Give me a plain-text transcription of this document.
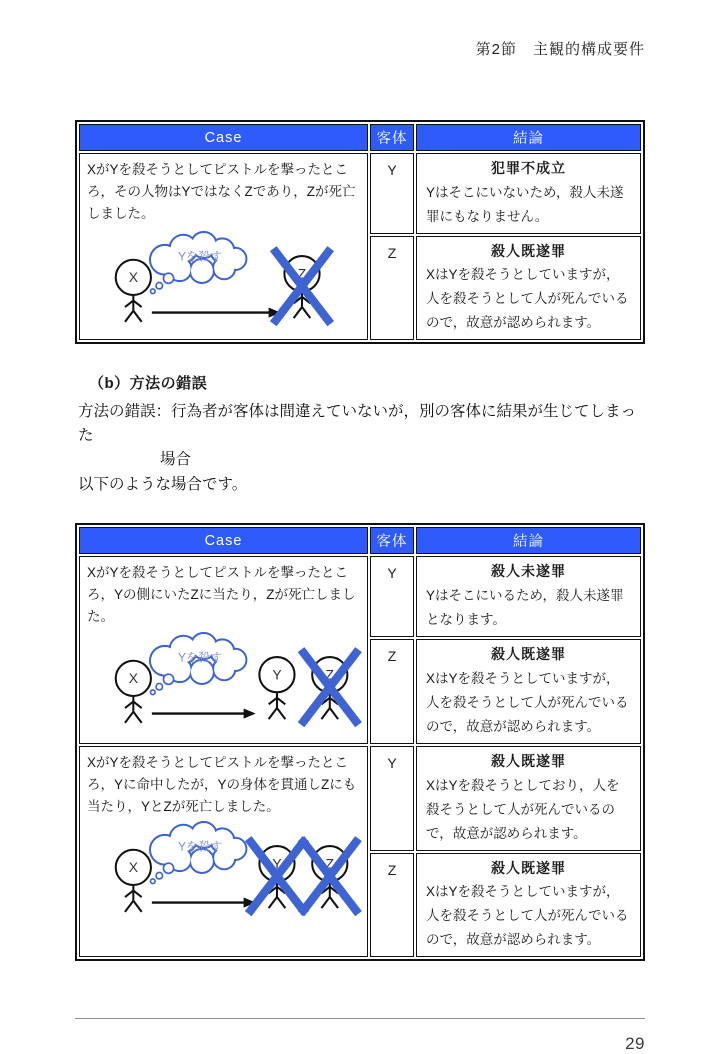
第2節　主観的構成要件
Case	客体	結論

XがYを殺そうとしてピストルを撃ったところ，その人物はYではなくZであり，Zが死亡しました。
Yを殺す
X	Z
	Y	犯罪不成立
Yはそこにいないため，殺人未遂罪にもなりません。

	Z	殺人既遂罪
XはYを殺そうとしていますが，人を殺そうとして人が死んでいるので，故意が認められます。
（b）方法の錯誤
方法の錯誤：行為者が客体は間違えていないが，別の客体に結果が生じてしまった
場合
以下のような場合です。
Case	客体	結論

XがYを殺そうとしてピストルを撃ったところ，Yの側にいたZに当たり，Zが死亡しました。
Yを殺す
X	Y	Z
	Y	殺人未遂罪
Yはそこにいるため，殺人未遂罪となります。

	Z	殺人既遂罪
XはYを殺そうとしていますが，人を殺そうとして人が死んでいるので，故意が認められます。

XがYを殺そうとしてピストルを撃ったところ，Yに命中したが，Yの身体を貫通しZにも当たり，YとZが死亡しました。
Yを殺す
X	Y	Z
	Y	殺人既遂罪
XはYを殺そうとしており，人を殺そうとして人が死んでいるので，故意が認められます。

	Z	殺人既遂罪
XはYを殺そうとしていますが，人を殺そうとして人が死んでいるので，故意が認められます。
29
